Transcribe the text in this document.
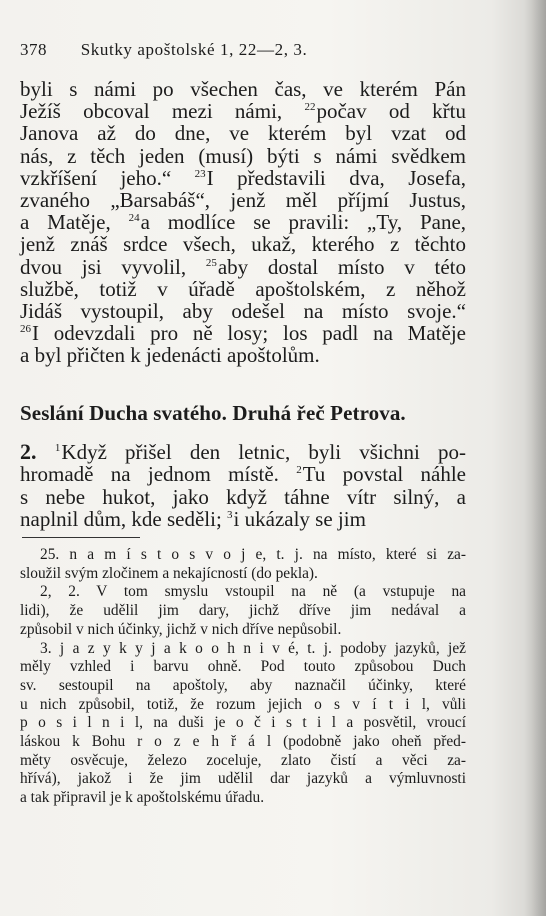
378 Skutky apoštolské 1, 22—2, 3.
byli s námi po všechen čas, ve kterém Pán
Ježíš obcoval mezi námi, $^{22}$počav od křtu
Janova až do dne, ve kterém byl vzat od
nás, z těch jeden (musí) býti s námi svědkem
vzkříšení jeho.“ $^{23}$I představili dva, Josefa,
zvaného „Barsabáš“, jenž měl příjmí Justus,
a Matěje, $^{24}$a modlíce se pravili: „Ty, Pane,
jenž znáš srdce všech, ukaž, kterého z těchto
dvou jsi vyvolil, $^{25}$aby dostal místo v této
službě, totiž v úřadě apoštolském, z něhož
Jidáš vystoupil, aby odešel na místo svoje.“
$^{26}$I odevzdali pro ně losy; los padl na Matěje
a byl přičten k jedenácti apoštolům.
Seslání Ducha svatého. Druhá řeč Petrova.
2. $^1$Když přišel den letnic, byli všichni po-
hromadě na jednom místě. $^2$Tu povstal náhle
s nebe hukot, jako když táhne vítr silný, a
naplnil dům, kde seděli; $^3$i ukázaly se jim
25. n a m í s t o s v o j e, t. j. na místo, které si za-
sloužil svým zločinem a nekajícností (do pekla).
2, 2. V tom smyslu vstoupil na ně (a vstupuje na
lidi), že udělil jim dary, jichž dříve jim nedával a
způsobil v nich účinky, jichž v nich dříve nepůsobil.
3. j a z y k y j a k o o h n i v é, t. j. podoby jazyků, jež
měly vzhled i barvu ohně. Pod touto způsobou Duch
sv. sestoupil na apoštoly, aby naznačil účinky, které
u nich způsobil, totiž, že rozum jejich o s v í t i l, vůli
p o s i l n i l, na duši je o č i s t i l a posvětil, vroucí
láskou k Bohu r o z e h ř á l (podobně jako oheň před-
měty osvěcuje, železo zoceluje, zlato čistí a věci za-
hřívá), jakož i že jim udělil dar jazyků a výmluvnosti
a tak připravil je k apoštolskému úřadu.
